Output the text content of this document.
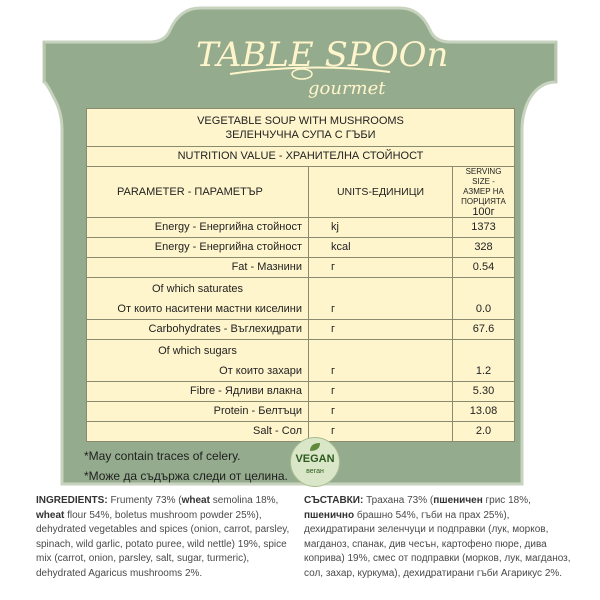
TABLE SPOOn
gourmet
VEGETABLE SOUP WITH MUSHROOMS
ЗЕЛЕНЧУЧНА СУПА С ГЪБИ		

NUTRITION VALUE - ХРАНИТЕЛНА СТОЙНОСТ		
PARAMETER - ПАРАМЕТЪР	UNITS-ЕДИНИЦИ	SERVING SIZE - АЗМЕР НА ПОРЦИЯТА
100г

Energy - Енергийна стойност	kj	1373
Energy - Енергийна стойност	kcal	328
Fat - Мазнини	г	0.54

Of which saturates
От които наситени мастни киселини	г	0.0
Carbohydrates - Въглехидрати	г	67.6

Of which sugars
От които захари	г	1.2
Fibre - Ядливи влакна	г	5.30
Protein - Белтъци	г	13.08
Salt - Сол	г	2.0
*May contain traces of celery.
*Може да съдържа следи от целина.
VEGAN
веган
INGREDIENTS: Frumenty 73% (wheat semolina 18%, wheat flour 54%, boletus mushroom powder 25%), dehydrated vegetables and spices (onion, carrot, parsley, spinach, wild garlic, potato puree, wild nettle) 19%, spice mix (carrot, onion, parsley, salt, sugar, turmeric), dehydrated Agaricus mushrooms 2%.
СЪСТАВКИ: Трахана 73% (пшеничен грис 18%, пшенично брашно 54%, гъби на прах 25%), дехидратирани зеленчуци и подправки (лук, морков, магданоз, спанак, див чесън, картофено пюре, дива коприва) 19%, смес от подправки (морков, лук, магданоз, сол, захар, куркума), дехидратирани гъби Агарикус 2%.
